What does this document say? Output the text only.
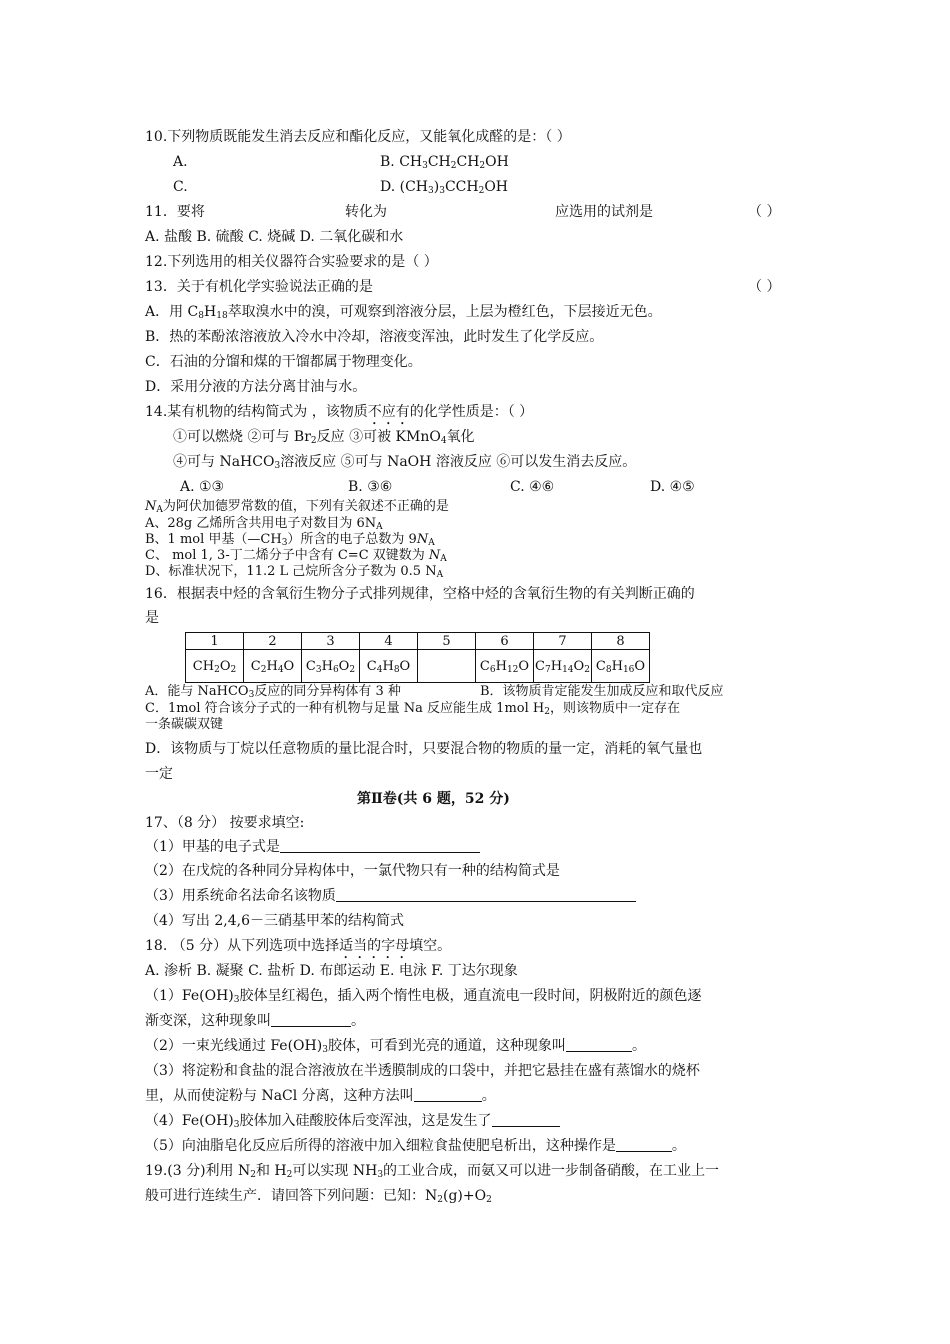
10.下列物质既能发生消去反应和酯化反应，又能氧化成醛的是：（ ）
A.	B. $CH_3CH_2CH_2OH$
C.	D. $(CH_3)_3CCH_2OH$
11．要将	转化为	应选用的试剂是	（ ）
A. 盐酸 B. 硫酸 C. 烧碱 D. 二氧化碳和水
12.下列选用的相关仪器符合实验要求的是（ ）
13．关于有机化学实验说法正确的是	（ ）
A．用 $C_8H_{18}$萃取溴水中的溴，可观察到溶液分层，上层为橙红色，下层接近无色。
B．热的苯酚浓溶液放入冷水中冷却，溶液变浑浊，此时发生了化学反应。
C．石油的分馏和煤的干馏都属于物理变化。
D．采用分液的方法分离甘油与水。
14.某有机物的结构简式为 ，该物质不应有的化学性质是：（ ）
①可以燃烧 ②可与 $Br_2$反应 ③可被 KMnO$_4$氧化
④可与 NaHCO$_3$溶液反应 ⑤可与 NaOH 溶液反应 ⑥可以发生消去反应。
A. ①③	B. ③⑥	C. ④⑥	D. ④⑤
$N_A$为阿伏加德罗常数的值，下列有关叙述不正确的是
A、28g 乙烯所含共用电子对数目为 $6N_A$
B、1 mol 甲基$(—CH_3)$所含的电子总数为 $9N_A$
C、 mol 1, 3-丁二烯分子中含有 C=C 双键数为 $N_A$
D、标准状况下，11.2 L 己烷所含分子数为 0.5 $N_A$
16．根据表中烃的含氧衍生物分子式排列规律，空格中烃的含氧衍生物的有关判断正确的
是
1	2	3	4	5	6	7	8
$CH_2O_2$	$C_2H_4O$	$C_3H_6O_2$	$C_4H_8O$		$C_6H_{12}O$	$C_7H_{14}O_2$	$C_8H_{16}O$
A．能与 NaHCO$_3$反应的同分异构体有 3 种	B．该物质肯定能发生加成反应和取代反应
C．1mol 符合该分子式的一种有机物与足量 Na 反应能生成 1mol $H_2$，则该物质中一定存在
一条碳碳双键
D．该物质与丁烷以任意物质的量比混合时，只要混合物的物质的量一定，消耗的氧气量也
一定
第Ⅱ卷(共 6 题，52 分)
17、（8 分） 按要求填空:
（1）甲基的电子式是
（2）在戊烷的各种同分异构体中，一氯代物只有一种的结构简式是
（3）用系统命名法命名该物质
（4）写出 2,4,6－三硝基甲苯的结构简式
18. （5 分）从下列选项中选择适当的字母填空。
A. 渗析 B. 凝聚 C. 盐析 D. 布郎运动 E. 电泳 F. 丁达尔现象
$(1)Fe(OH)_3$胶体呈红褐色，插入两个惰性电极，通直流电一段时间，阴极附近的颜色逐
渐变深，这种现象叫	。
（2）一束光线通过 $Fe(OH)_3$胶体，可看到光亮的通道，这种现象叫	。
（3）将淀粉和食盐的混合溶液放在半透膜制成的口袋中，并把它悬挂在盛有蒸馏水的烧杯
里，从而使淀粉与 NaCl 分离，这种方法叫	。
$(4)Fe(OH)_3$胶体加入硅酸胶体后变浑浊，这是发生了
（5）向油脂皂化反应后所得的溶液中加入细粒食盐使肥皂析出，这种操作是	。
19.(3 分)利用 $N_2$和 $H_2$可以实现 $NH_3$的工业合成，而氨又可以进一步制备硝酸，在工业上一
般可进行连续生产．请回答下列问题：已知：$N_2(g)+O_2$
